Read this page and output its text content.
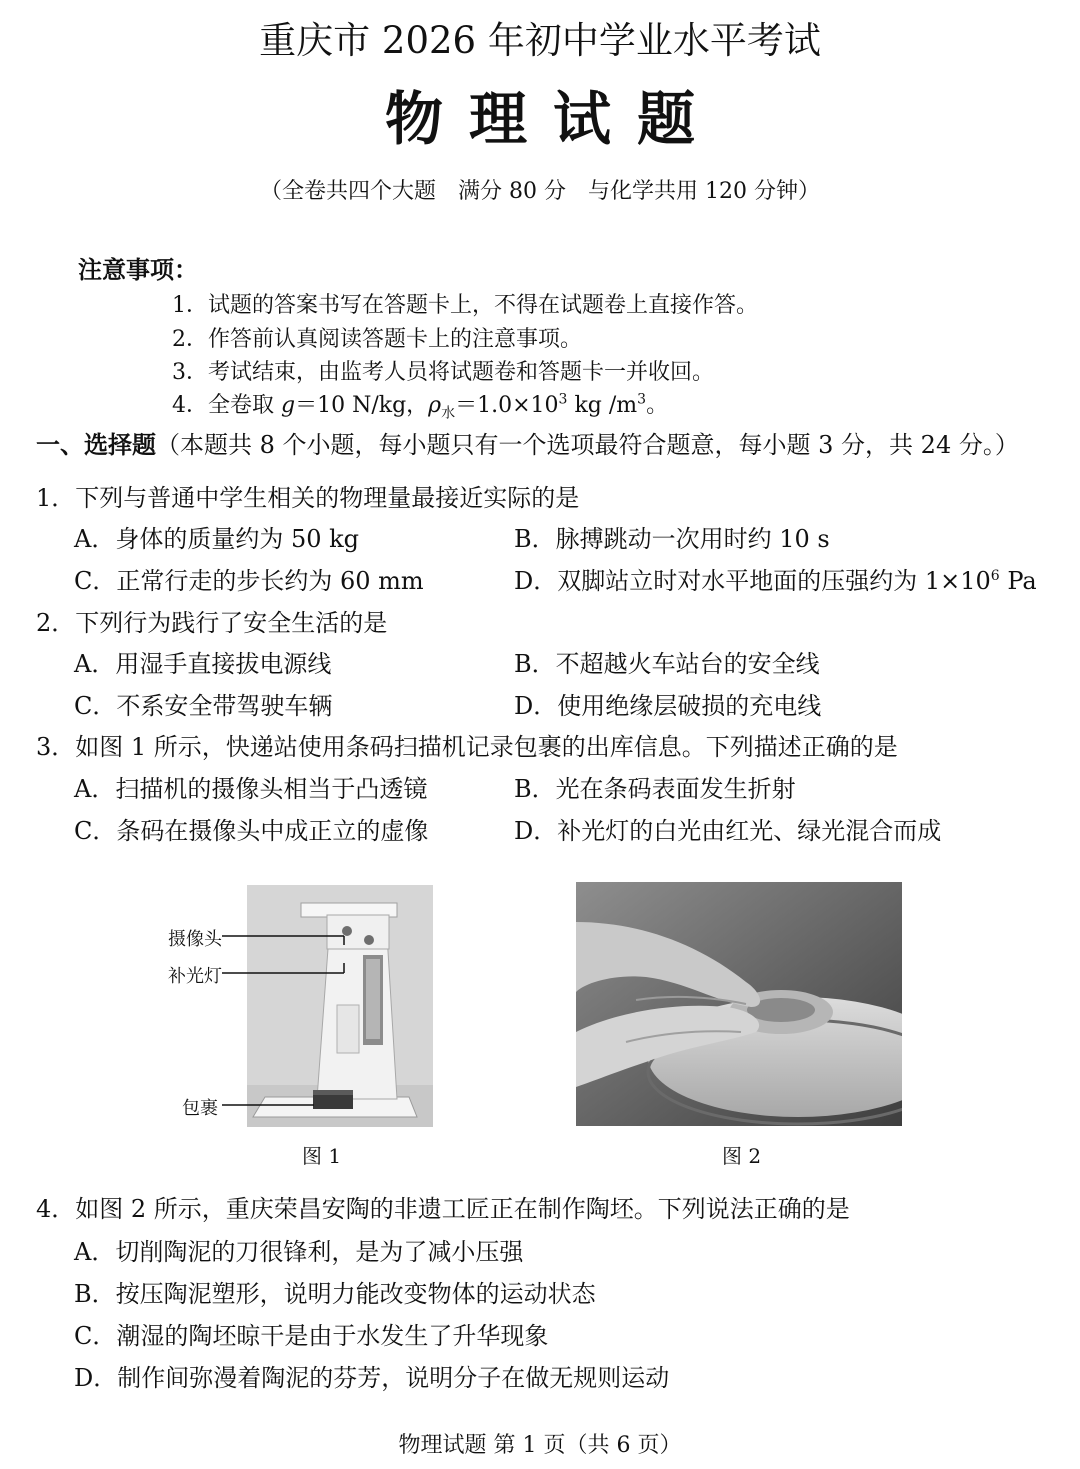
重庆市 2026 年初中学业水平考试
物理试题
（全卷共四个大题　满分 80 分　与化学共用 120 分钟）
注意事项：
1．试题的答案书写在答题卡上，不得在试题卷上直接作答。
2．作答前认真阅读答题卡上的注意事项。
3．考试结束，由监考人员将试题卷和答题卡一并收回。
4．全卷取 g＝10 N/kg，$\rho_水=1.0\times 10^3$ kg $/m^3$。
一、选择题（本题共 8 个小题，每小题只有一个选项最符合题意，每小题 3 分，共 24 分。）
1．下列与普通中学生相关的物理量最接近实际的是
A．身体的质量约为 50 kg	B．脉搏跳动一次用时约 10 s
C．正常行走的步长约为 60 mm	D．双脚站立时对水平地面的压强约为 $1\times 10^6$ Pa
2．下列行为践行了安全生活的是
A．用湿手直接拔电源线	B．不超越火车站台的安全线
C．不系安全带驾驶车辆	D．使用绝缘层破损的充电线
3．如图 1 所示，快递站使用条码扫描机记录包裹的出库信息。下列描述正确的是
A．扫描机的摄像头相当于凸透镜	B．光在条码表面发生折射
C．条码在摄像头中成正立的虚像	D．补光灯的白光由红光、绿光混合而成
摄像头
补光灯
包裹
图 1	图 2
4．如图 2 所示，重庆荣昌安陶的非遗工匠正在制作陶坯。下列说法正确的是
A．切削陶泥的刀很锋利，是为了减小压强
B．按压陶泥塑形，说明力能改变物体的运动状态
C．潮湿的陶坯晾干是由于水发生了升华现象
D．制作间弥漫着陶泥的芬芳，说明分子在做无规则运动
物理试题 第 1 页（共 6 页）
